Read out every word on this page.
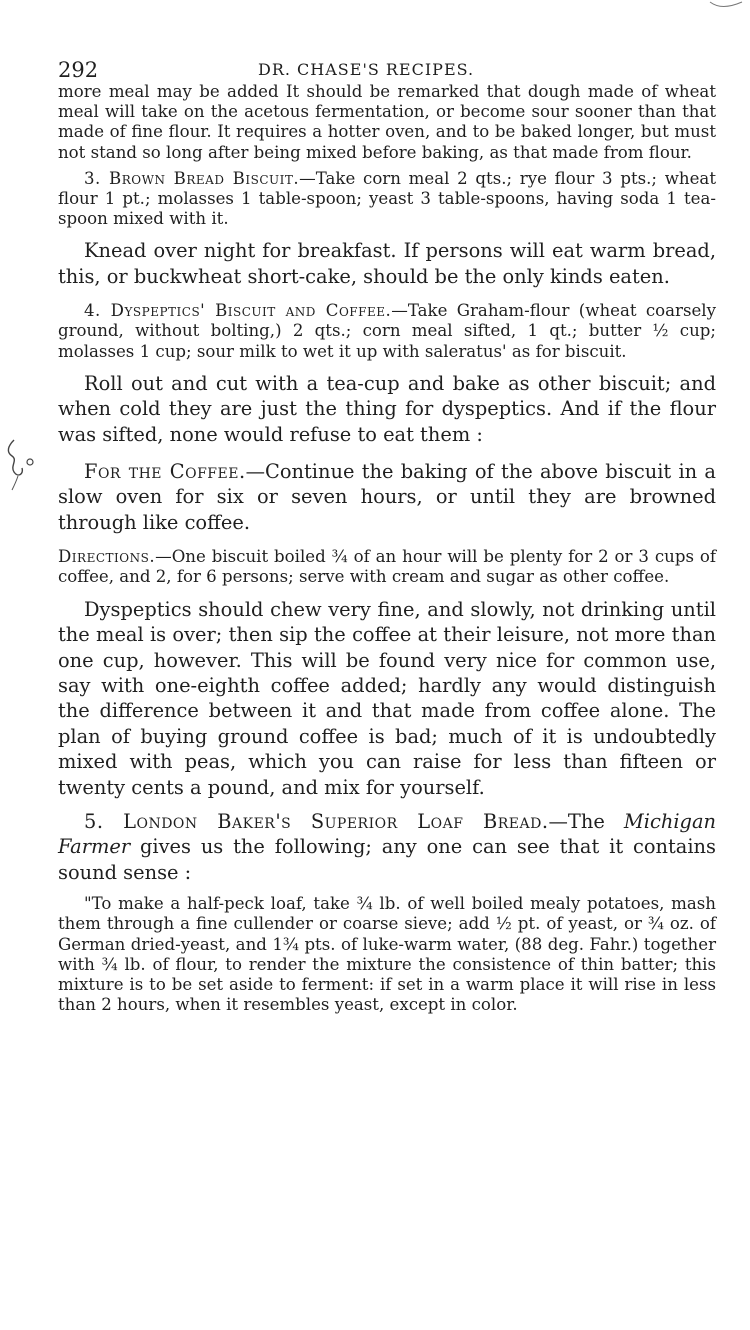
292	DR. CHASE'S RECIPES.

more meal may be added It should be remarked that dough made of wheat meal will take on the acetous fermentation, or become sour sooner than that made of fine flour. It requires a hotter oven, and to be baked longer, but must not stand so long after being mixed before baking, as that made from flour.

3. Brown Bread Biscuit.—Take corn meal 2 qts.; rye flour 3 pts.; wheat flour 1 pt.; molasses 1 table-spoon; yeast 3 table-spoons, having soda 1 tea-spoon mixed with it.

Knead over night for breakfast. If persons will eat warm bread, this, or buckwheat short-cake, should be the only kinds eaten.

4. Dyspeptics' Biscuit and Coffee.—Take Graham-flour (wheat coarsely ground, without bolting,) 2 qts.; corn meal sifted, 1 qt.; butter ½ cup; molasses 1 cup; sour milk to wet it up with saleratus' as for biscuit.

Roll out and cut with a tea-cup and bake as other biscuit; and when cold they are just the thing for dyspeptics. And if the flour was sifted, none would refuse to eat them :

For the Coffee.—Continue the baking of the above biscuit in a slow oven for six or seven hours, or until they are browned through like coffee.

Directions.—One biscuit boiled ¾ of an hour will be plenty for 2 or 3 cups of coffee, and 2, for 6 persons; serve with cream and sugar as other coffee.

Dyspeptics should chew very fine, and slowly, not drinking until the meal is over; then sip the coffee at their leisure, not more than one cup, however. This will be found very nice for common use, say with one-eighth coffee added; hardly any would distinguish the difference between it and that made from coffee alone. The plan of buying ground coffee is bad; much of it is undoubtedly mixed with peas, which you can raise for less than fifteen or twenty cents a pound, and mix for yourself.

5. London Baker's Superior Loaf Bread.—The Michigan Farmer gives us the following; any one can see that it contains sound sense :

"To make a half-peck loaf, take ¾ lb. of well boiled mealy potatoes, mash them through a fine cullender or coarse sieve; add ½ pt. of yeast, or ¾ oz. of German dried-yeast, and 1¾ pts. of luke-warm water, (88 deg. Fahr.) together with ¾ lb. of flour, to render the mixture the consistence of thin batter; this mixture is to be set aside to ferment: if set in a warm place it will rise in less than 2 hours, when it resembles yeast, except in color.
